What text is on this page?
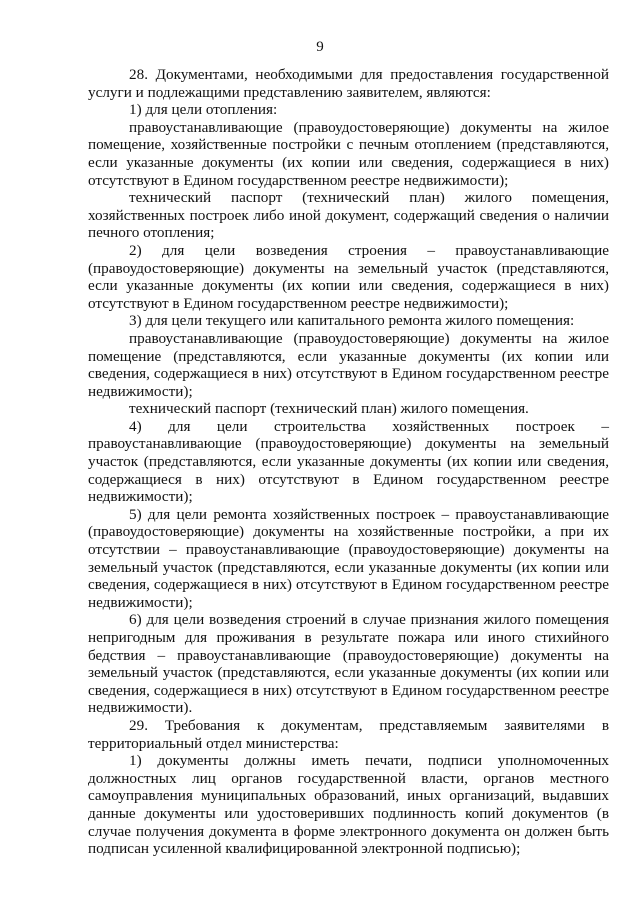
9

28. Документами, необходимыми для предоставления государственной услуги и подлежащими представлению заявителем, являются:

1) для цели отопления:

правоустанавливающие (правоудостоверяющие) документы на жилое помещение, хозяйственные постройки с печным отоплением (представляются, если указанные документы (их копии или сведения, содержащиеся в них) отсутствуют в Едином государственном реестре недвижимости);

технический паспорт (технический план) жилого помещения, хозяйственных построек либо иной документ, содержащий сведения о наличии печного отопления;

2) для цели возведения строения – правоустанавливающие (правоудостоверяющие) документы на земельный участок (представляются, если указанные документы (их копии или сведения, содержащиеся в них) отсутствуют в Едином государственном реестре недвижимости);

3) для цели текущего или капитального ремонта жилого помещения:

правоустанавливающие (правоудостоверяющие) документы на жилое помещение (представляются, если указанные документы (их копии или сведения, содержащиеся в них) отсутствуют в Едином государственном реестре недвижимости);

технический паспорт (технический план) жилого помещения.

4) для цели строительства хозяйственных построек – правоустанавливающие (правоудостоверяющие) документы на земельный участок (представляются, если указанные документы (их копии или сведения, содержащиеся в них) отсутствуют в Едином государственном реестре недвижимости);

5) для цели ремонта хозяйственных построек – правоустанавливающие (правоудостоверяющие) документы на хозяйственные постройки, а при их отсутствии – правоустанавливающие (правоудостоверяющие) документы на земельный участок (представляются, если указанные документы (их копии или сведения, содержащиеся в них) отсутствуют в Едином государственном реестре недвижимости);

6) для цели возведения строений в случае признания жилого помещения непригодным для проживания в результате пожара или иного стихийного бедствия – правоустанавливающие (правоудостоверяющие) документы на земельный участок (представляются, если указанные документы (их копии или сведения, содержащиеся в них) отсутствуют в Едином государственном реестре недвижимости).

29. Требования к документам, представляемым заявителями в территориальный отдел министерства:

1) документы должны иметь печати, подписи уполномоченных должностных лиц органов государственной власти, органов местного самоуправления муниципальных образований, иных организаций, выдавших данные документы или удостоверивших подлинность копий документов (в случае получения документа в форме электронного документа он должен быть подписан усиленной квалифицированной электронной подписью);
